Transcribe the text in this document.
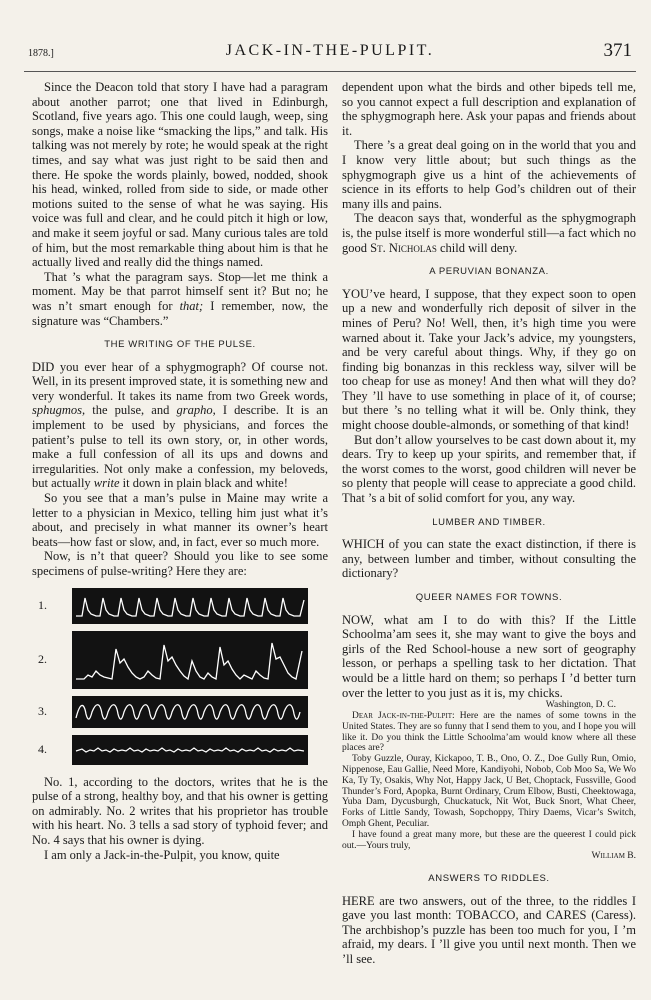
1878.]	JACK-IN-THE-PULPIT.	371

Since the Deacon told that story I have had a paragram about another parrot; one that lived in Edinburgh, Scotland, five years ago. This one could laugh, weep, sing songs, make a noise like “smacking the lips,” and talk. His talking was not merely by rote; he would speak at the right times, and say what was just right to be said then and there. He spoke the words plainly, bowed, nodded, shook his head, winked, rolled from side to side, or made other motions suited to the sense of what he was saying. His voice was full and clear, and he could pitch it high or low, and make it seem joyful or sad. Many curious tales are told of him, but the most remarkable thing about him is that he actually lived and really did the things named.

That ’s what the paragram says. Stop—let me think a moment. May be that parrot himself sent it? But no; he was n’t smart enough for that; I remember, now, the signature was “Chambers.”

THE WRITING OF THE PULSE.

DID you ever hear of a sphygmograph? Of course not. Well, in its present improved state, it is something new and very wonderful. It takes its name from two Greek words, sphugmos, the pulse, and grapho, I describe. It is an implement to be used by physicians, and forces the patient’s pulse to tell its own story, or, in other words, make a full confession of all its ups and downs and irregularities. Not only make a confession, my beloveds, but actually write it down in plain black and white!

So you see that a man’s pulse in Maine may write a letter to a physician in Mexico, telling him just what it’s about, and precisely in what manner its owner’s heart beats—how fast or slow, and, in fact, ever so much more.

Now, is n’t that queer? Should you like to see some specimens of pulse-writing? Here they are:

1.
2.
3.
4.

No. 1, according to the doctors, writes that he is the pulse of a strong, healthy boy, and that his owner is getting on admirably. No. 2 writes that his proprietor has trouble with his heart. No. 3 tells a sad story of typhoid fever; and No. 4 says that his owner is dying.

I am only a Jack-in-the-Pulpit, you know, quite

dependent upon what the birds and other bipeds tell me, so you cannot expect a full description and explanation of the sphygmograph here. Ask your papas and friends about it.

There ’s a great deal going on in the world that you and I know very little about; but such things as the sphygmograph give us a hint of the achievements of science in its efforts to help God’s children out of their many ills and pains.

The deacon says that, wonderful as the sphygmograph is, the pulse itself is more wonderful still—a fact which no good St. Nicholas child will deny.

A PERUVIAN BONANZA.

YOU’ve heard, I suppose, that they expect soon to open up a new and wonderfully rich deposit of silver in the mines of Peru? No! Well, then, it’s high time you were warned about it. Take your Jack’s advice, my youngsters, and be very careful about things. Why, if they go on finding big bonanzas in this reckless way, silver will be too cheap for use as money! And then what will they do? They ’ll have to use something in place of it, of course; but there ’s no telling what it will be. Only think, they might choose double-almonds, or something of that kind!

But don’t allow yourselves to be cast down about it, my dears. Try to keep up your spirits, and remember that, if the worst comes to the worst, good children will never be so plenty that people will cease to appreciate a good child. That ’s a bit of solid comfort for you, any way.

LUMBER AND TIMBER.

WHICH of you can state the exact distinction, if there is any, between lumber and timber, without consulting the dictionary?

QUEER NAMES FOR TOWNS.

NOW, what am I to do with this? If the Little Schoolma’am sees it, she may want to give the boys and girls of the Red School-house a new sort of geography lesson, or perhaps a spelling task to her dictation. That would be a little hard on them; so perhaps I ’d better turn over the letter to you just as it is, my chicks.

Washington, D. C.

Dear Jack-in-the-Pulpit: Here are the names of some towns in the United States. They are so funny that I send them to you, and I hope you will like it. Do you think the Little Schoolma’am would know where all these places are?

Toby Guzzle, Ouray, Kickapoo, T. B., Ono, O. Z., Doe Gully Run, Omio, Nippenose, Eau Gallie, Need More, Kandiyohi, Nobob, Cob Moo Sa, We Wo Ka, Ty Ty, Osakis, Why Not, Happy Jack, U Bet, Choptack, Fussville, Good Thunder’s Ford, Apopka, Burnt Ordinary, Crum Elbow, Busti, Cheektowaga, Yuba Dam, Dycusburgh, Chuckatuck, Nit Wot, Buck Snort, What Cheer, Forks of Little Sandy, Towash, Sopchoppy, Thiry Daems, Vicar’s Switch, Omph Ghent, Peculiar.

I have found a great many more, but these are the queerest I could pick out.—Yours truly,

William B.

ANSWERS TO RIDDLES.

HERE are two answers, out of the three, to the riddles I gave you last month: TOBACCO, and CARES (Caress). The archbishop’s puzzle has been too much for you, I ’m afraid, my dears. I ’ll give you until next month. Then we ’ll see.
